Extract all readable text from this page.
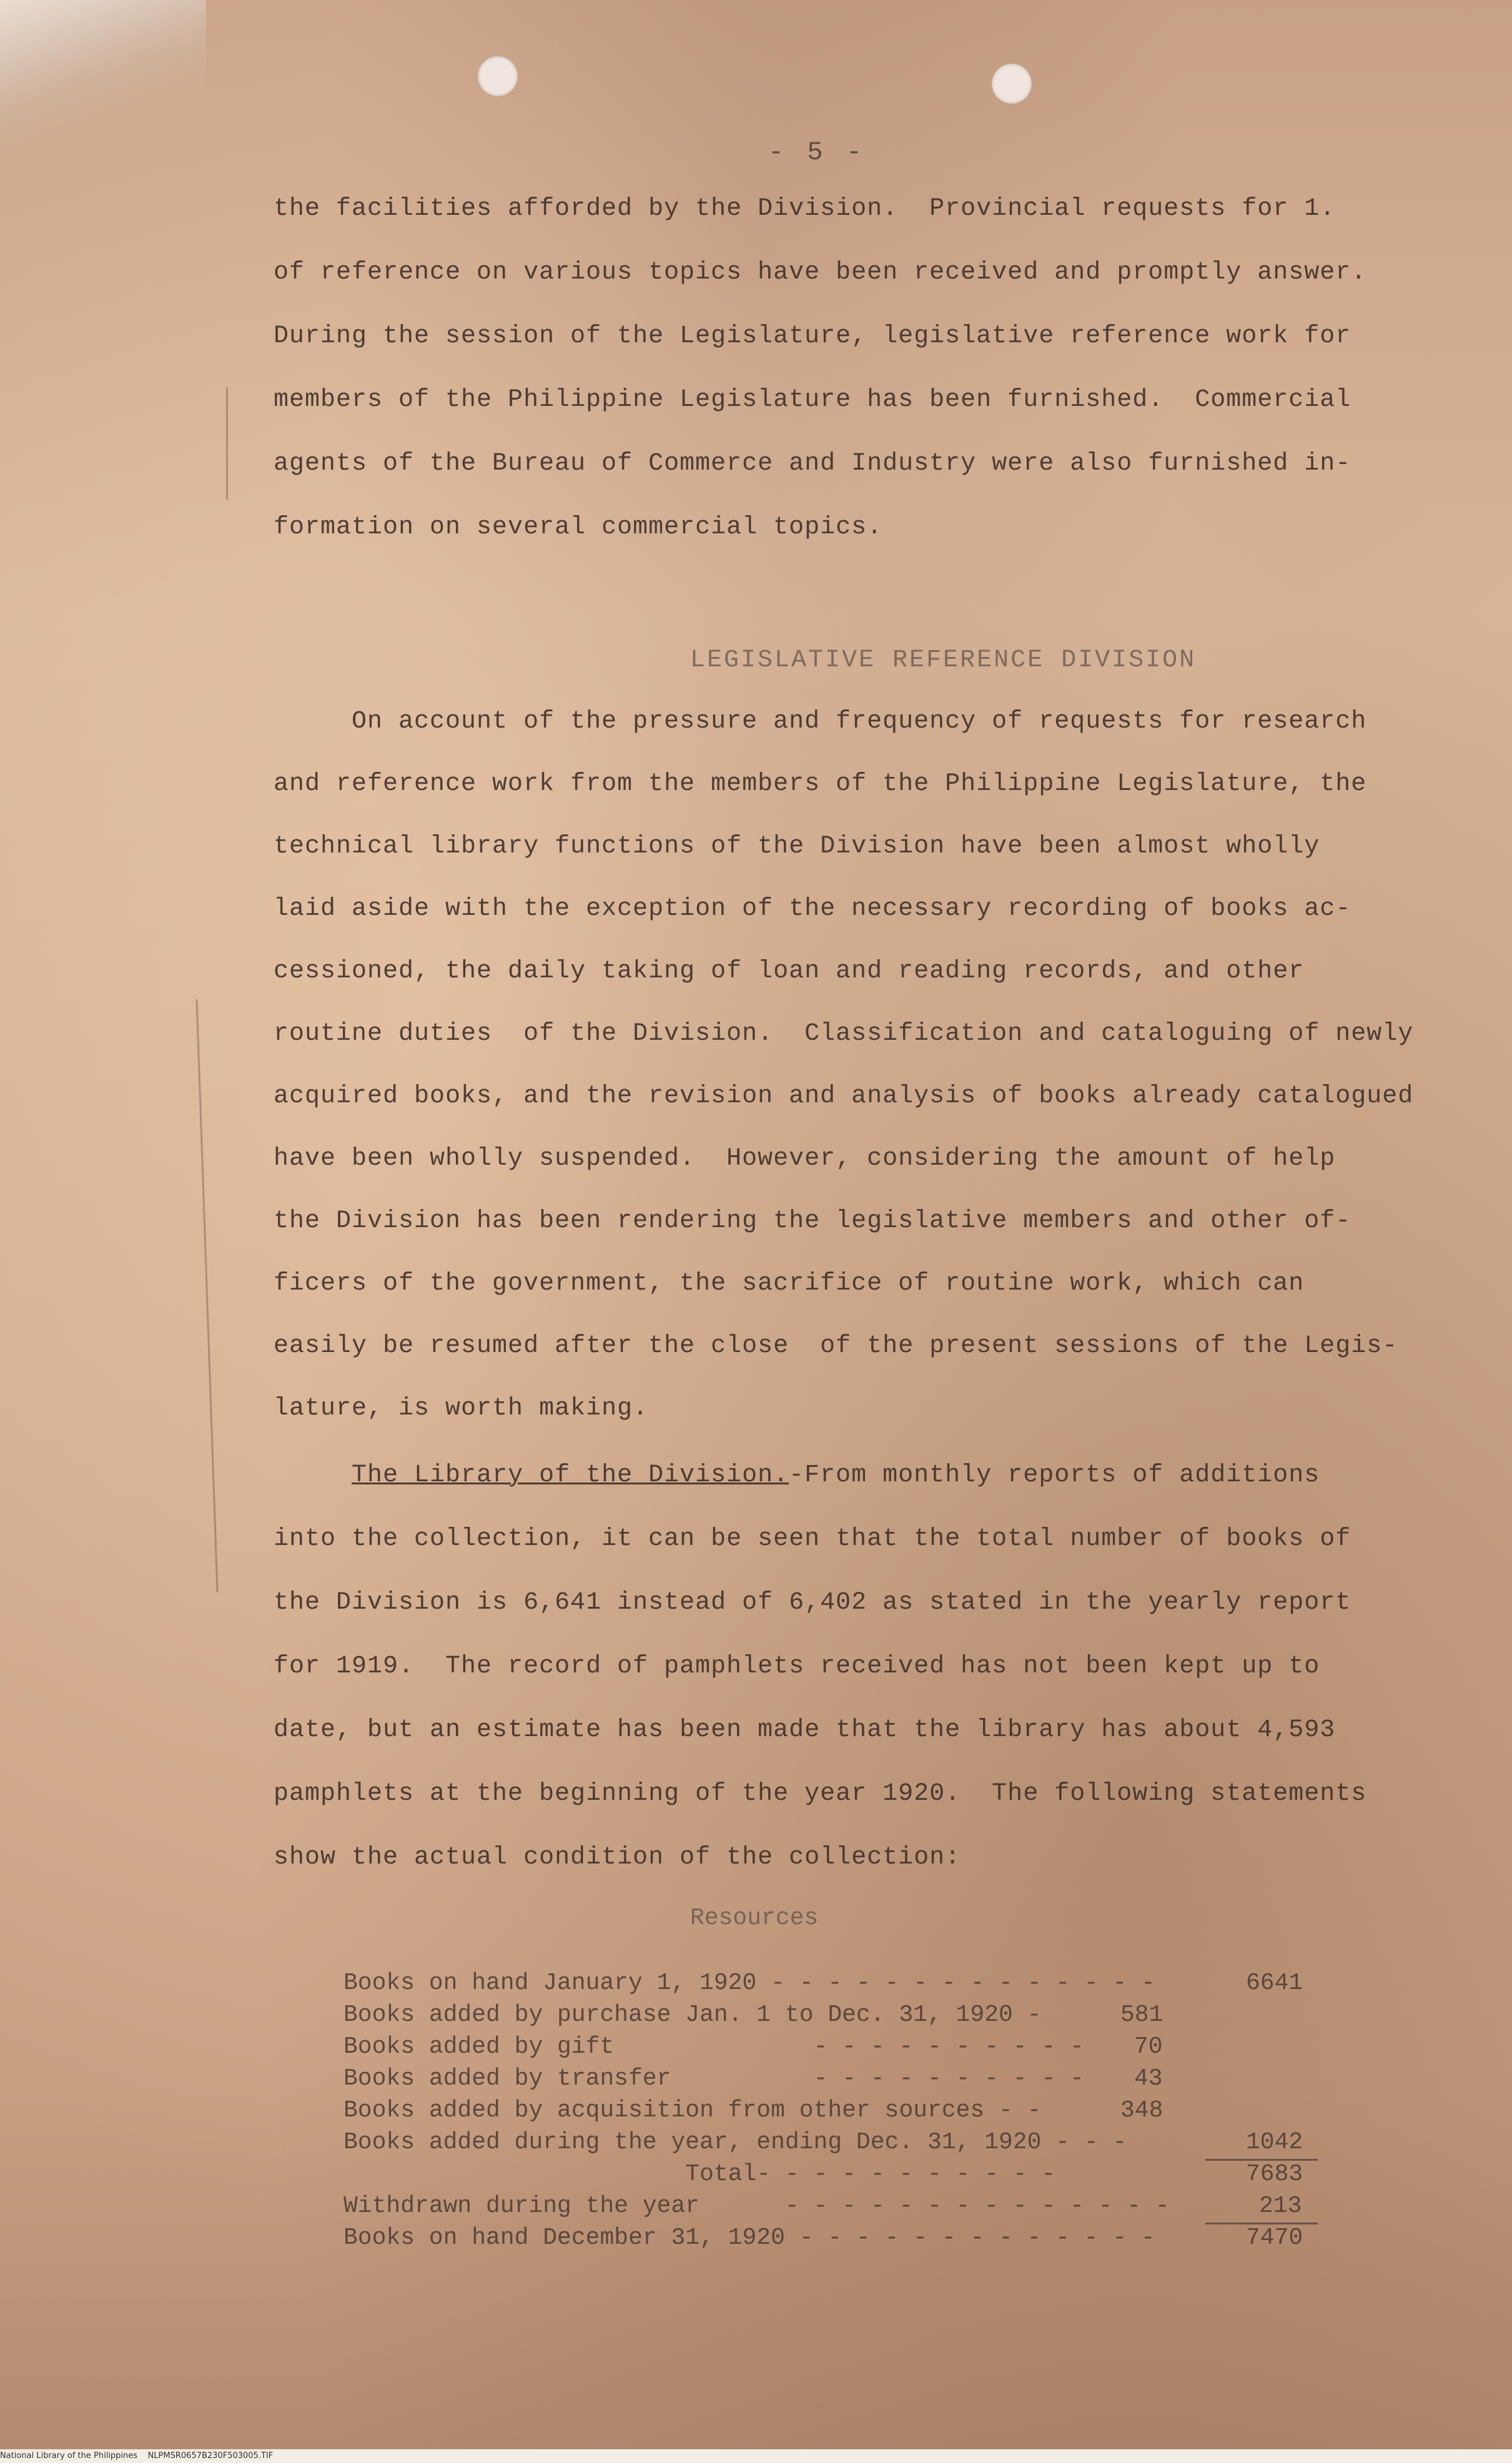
- 5 -
the facilities afforded by the Division.  Provincial requests for 1.
of reference on various topics have been received and promptly answer.
During the session of the Legislature, legislative reference work for
members of the Philippine Legislature has been furnished.  Commercial
agents of the Bureau of Commerce and Industry were also furnished in-
formation on several commercial topics.
LEGISLATIVE REFERENCE DIVISION
On account of the pressure and frequency of requests for research
and reference work from the members of the Philippine Legislature, the
technical library functions of the Division have been almost wholly
laid aside with the exception of the necessary recording of books ac-
cessioned, the daily taking of loan and reading records, and other
routine duties  of the Division.  Classification and cataloguing of newly
acquired books, and the revision and analysis of books already catalogued
have been wholly suspended.  However, considering the amount of help
the Division has been rendering the legislative members and other of-
ficers of the government, the sacrifice of routine work, which can
easily be resumed after the close  of the present sessions of the Legis-
lature, is worth making.
The Library of the Division.-From monthly reports of additions
into the collection, it can be seen that the total number of books of
the Division is 6,641 instead of 6,402 as stated in the yearly report
for 1919.  The record of pamphlets received has not been kept up to
date, but an estimate has been made that the library has about 4,593
pamphlets at the beginning of the year 1920.  The following statements
show the actual condition of the collection:
Resources
Books on hand January 1, 1920 - - - - - - - - - - - - - -	6641
Books added by purchase Jan. 1 to Dec. 31, 1920 -	581
Books added by gift              - - - - - - - - - - 70
Books added by transfer          - - - - - - - - - - 43
Books added by acquisition from other sources - -	348
Books added during the year, ending Dec. 31, 1920 - - -	1042
Total- - - - - - - - - - -	7683
Withdrawn during the year      - - - - - - - - - - - - - -	213
Books on hand December 31, 1920 - - - - - - - - - - - - -	7470
National Library of the Philippines    NLPMSR0657B230F503005.TIF
